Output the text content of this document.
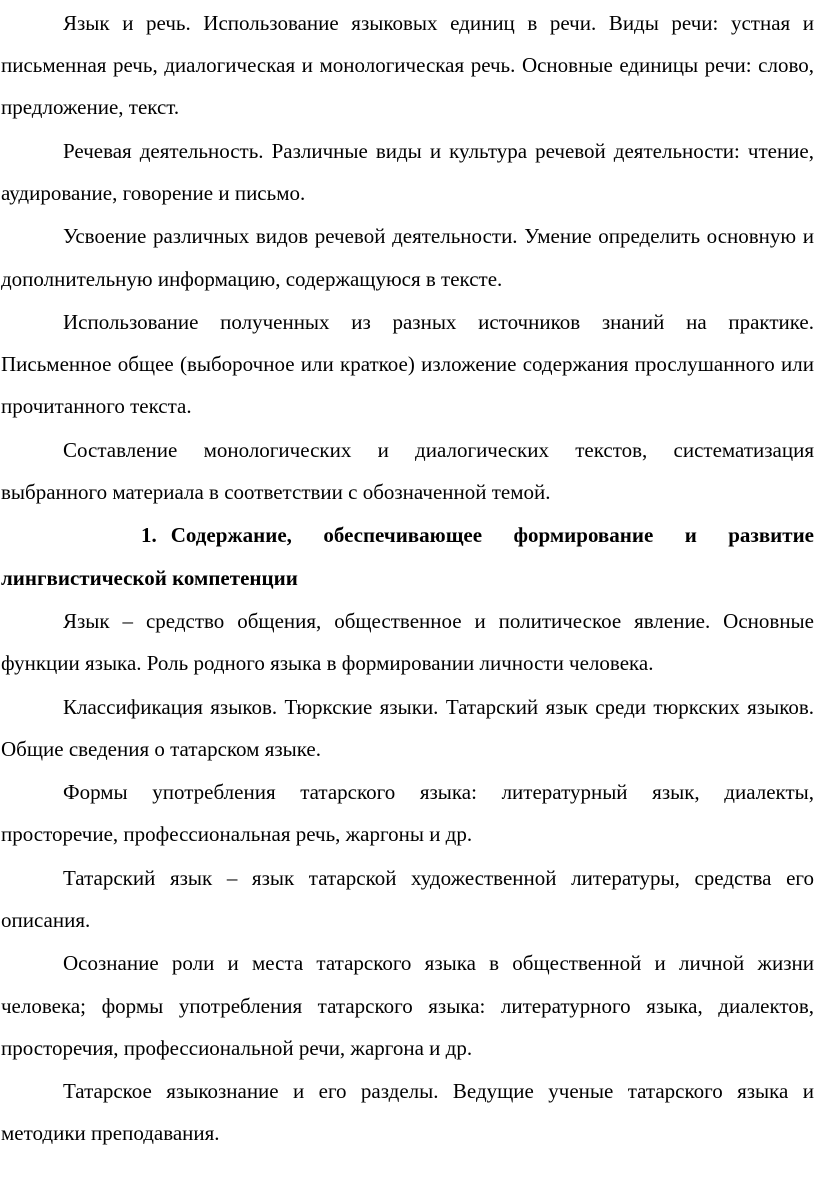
Язык и речь. Использование языковых единиц в речи. Виды речи: устная и письменная речь, диалогическая и монологическая речь. Основные единицы речи: слово, предложение, текст.

Речевая деятельность. Различные виды и культура речевой деятельности: чтение, аудирование, говорение и письмо.

Усвоение различных видов речевой деятельности. Умение определить основную и дополнительную информацию, содержащуюся в тексте.

Использование полученных из разных источников знаний на практике. Письменное общее (выборочное или краткое) изложение содержания прослушанного или прочитанного текста.

Составление монологических и диалогических текстов, систематизация выбранного материала в соответствии с обозначенной темой.

1. Содержание, обеспечивающее формирование и развитие лингвистической компетенции

Язык – средство общения, общественное и политическое явление. Основные функции языка. Роль родного языка в формировании личности человека.

Классификация языков. Тюркские языки. Татарский язык среди тюркских языков. Общие сведения о татарском языке.

Формы употребления татарского языка: литературный язык, диалекты, просторечие, профессиональная речь, жаргоны и др.

Татарский язык – язык татарской художественной литературы, средства его описания.

Осознание роли и места татарского языка в общественной и личной жизни человека; формы употребления татарского языка: литературного языка, диалектов, просторечия, профессиональной речи, жаргона и др.

Татарское языкознание и его разделы. Ведущие ученые татарского языка и методики преподавания.
